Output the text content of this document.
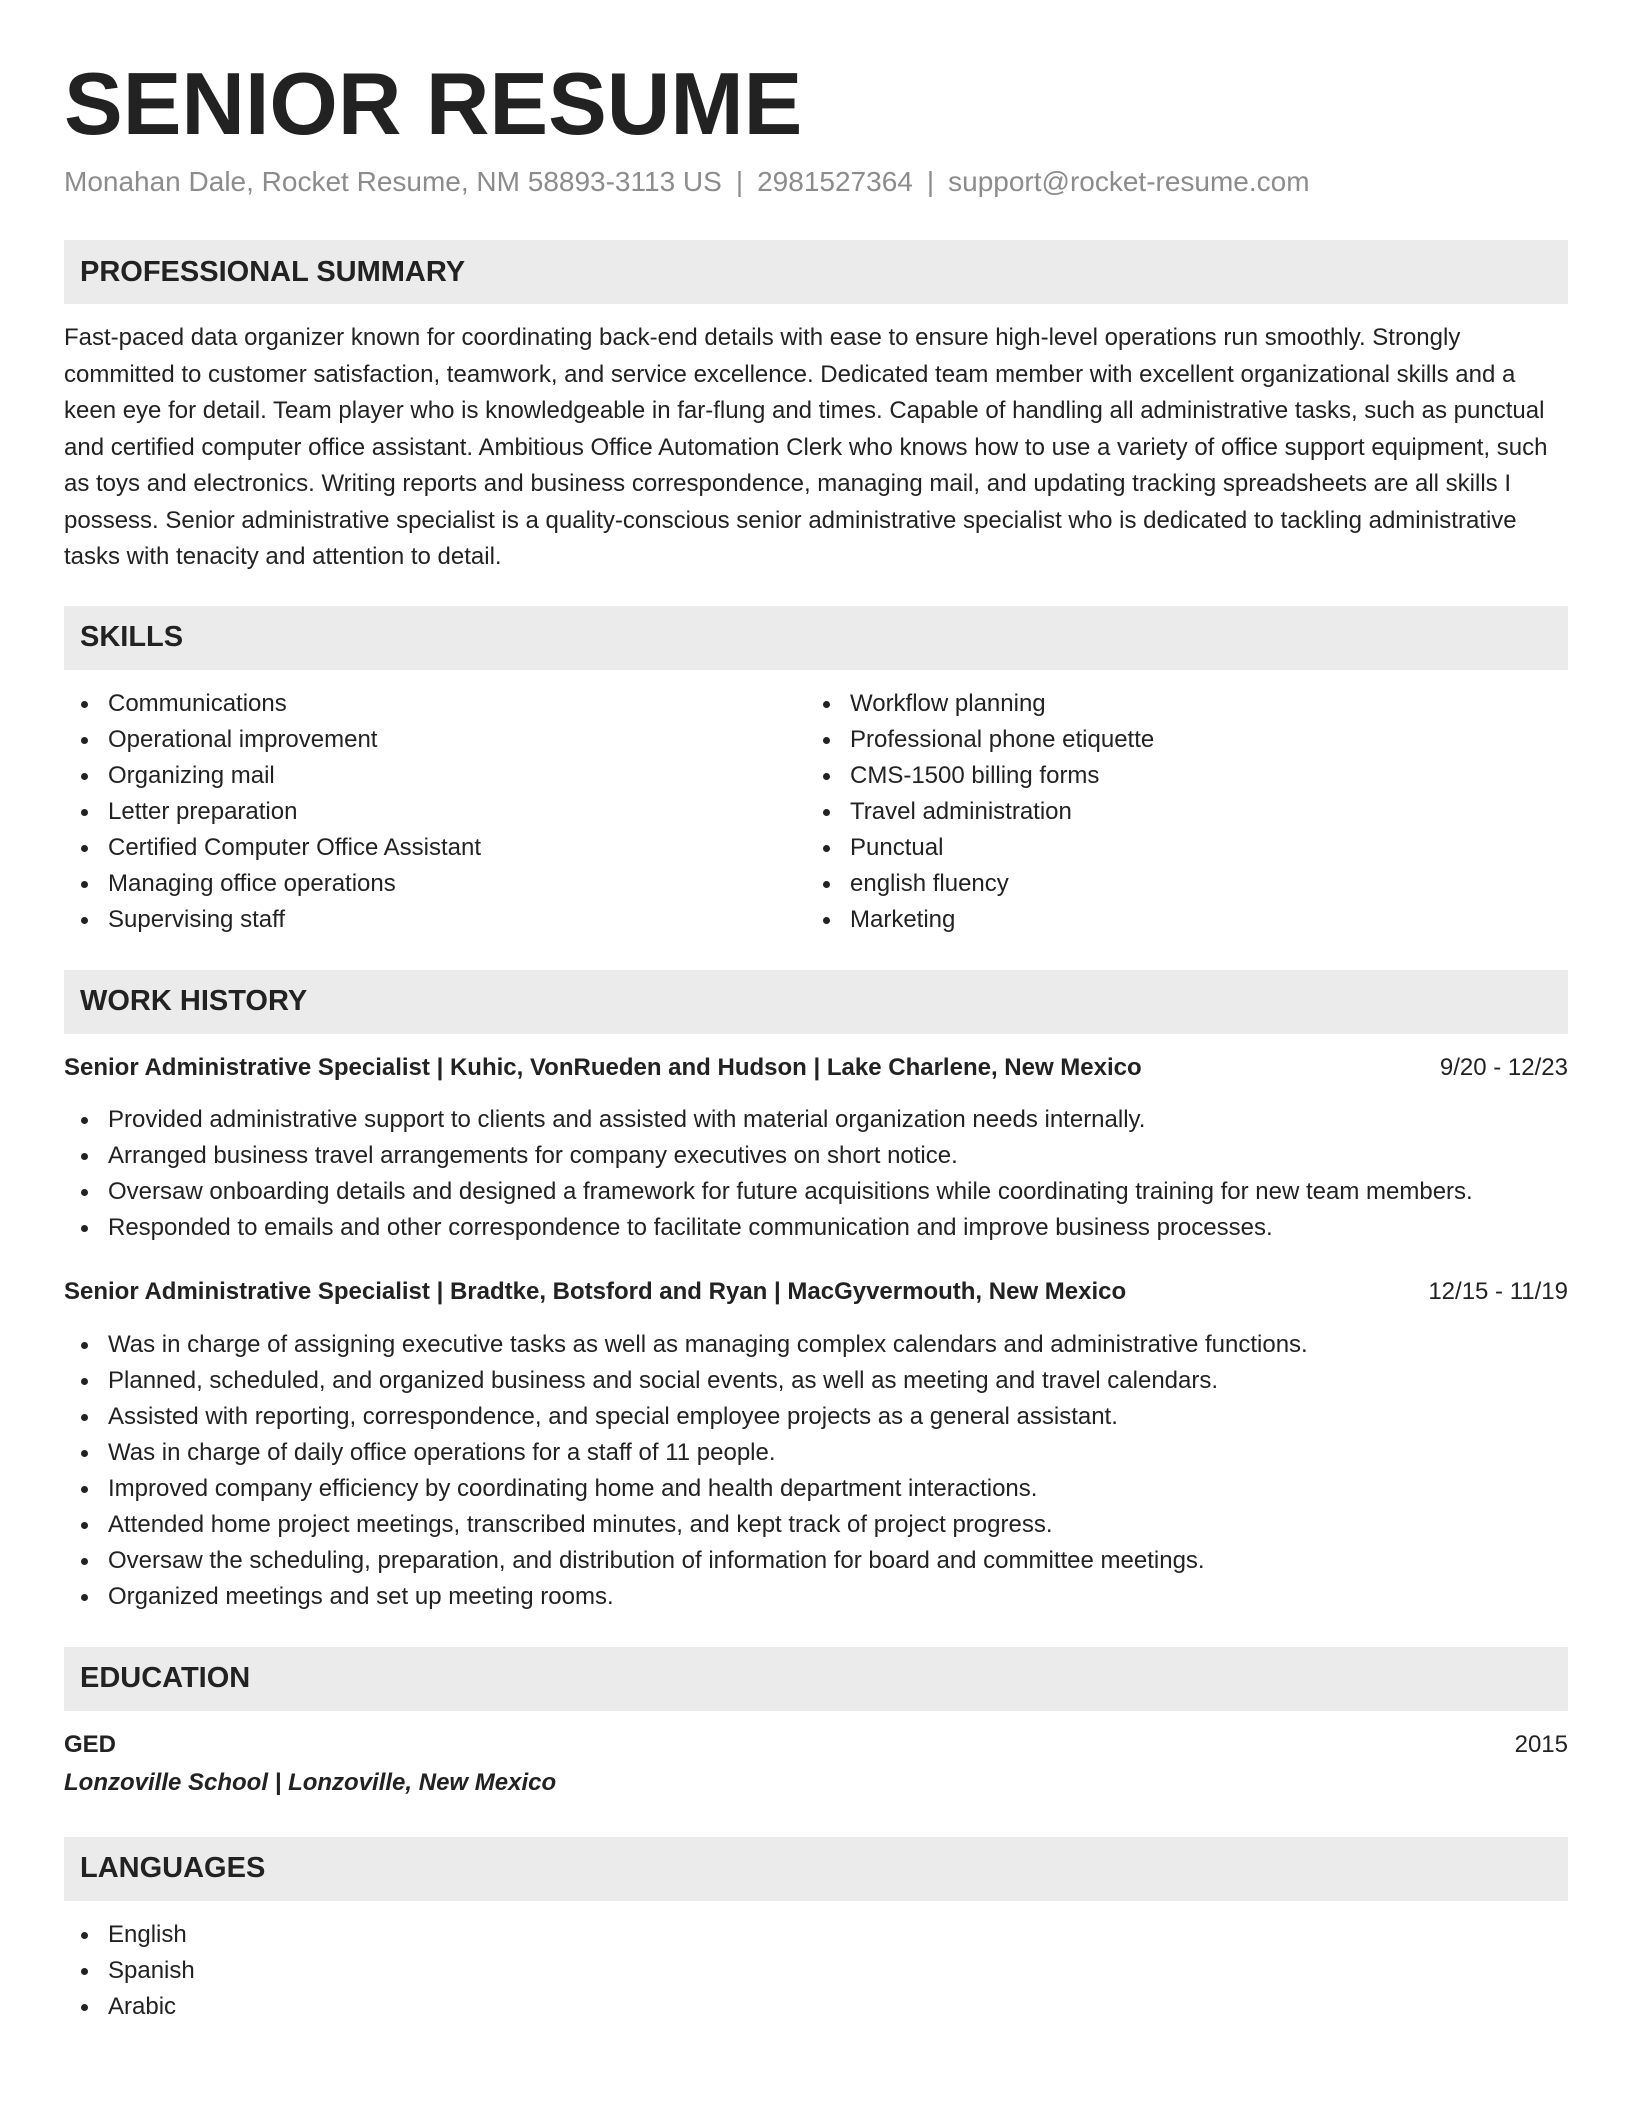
SENIOR RESUME
Monahan Dale, Rocket Resume, NM 58893-3113 US | 2981527364 | support@rocket-resume.com
PROFESSIONAL SUMMARY

Fast-paced data organizer known for coordinating back-end details with ease to ensure high-level operations run smoothly. Strongly committed to customer satisfaction, teamwork, and service excellence. Dedicated team member with excellent organizational skills and a keen eye for detail. Team player who is knowledgeable in far-flung and times. Capable of handling all administrative tasks, such as punctual and certified computer office assistant. Ambitious Office Automation Clerk who knows how to use a variety of office support equipment, such as toys and electronics. Writing reports and business correspondence, managing mail, and updating tracking spreadsheets are all skills I possess. Senior administrative specialist is a quality-conscious senior administrative specialist who is dedicated to tackling administrative tasks with tenacity and attention to detail.

SKILLS
Communications
Operational improvement
Organizing mail
Letter preparation
Certified Computer Office Assistant
Managing office operations
Supervising staff
Workflow planning
Professional phone etiquette
CMS-1500 billing forms
Travel administration
Punctual
english fluency
Marketing
WORK HISTORY
Senior Administrative Specialist | Kuhic, VonRueden and Hudson | Lake Charlene, New Mexico	9/20 - 12/23
Provided administrative support to clients and assisted with material organization needs internally.
Arranged business travel arrangements for company executives on short notice.
Oversaw onboarding details and designed a framework for future acquisitions while coordinating training for new team members.
Responded to emails and other correspondence to facilitate communication and improve business processes.
Senior Administrative Specialist | Bradtke, Botsford and Ryan | MacGyvermouth, New Mexico	12/15 - 11/19
Was in charge of assigning executive tasks as well as managing complex calendars and administrative functions.
Planned, scheduled, and organized business and social events, as well as meeting and travel calendars.
Assisted with reporting, correspondence, and special employee projects as a general assistant.
Was in charge of daily office operations for a staff of 11 people.
Improved company efficiency by coordinating home and health department interactions.
Attended home project meetings, transcribed minutes, and kept track of project progress.
Oversaw the scheduling, preparation, and distribution of information for board and committee meetings.
Organized meetings and set up meeting rooms.
EDUCATION
GED	2015
Lonzoville School | Lonzoville, New Mexico
LANGUAGES
English
Spanish
Arabic
